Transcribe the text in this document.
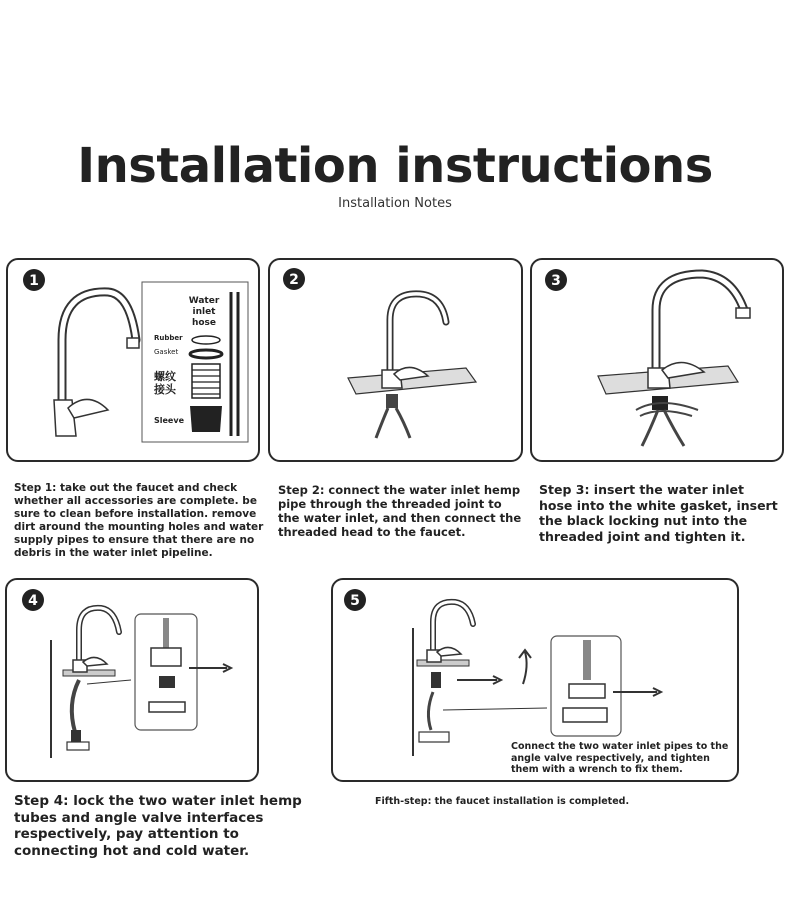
Installation instructions
Installation Notes
1
Water inlet hose
Rubber
Gasket
螺纹 接头
Sleeve
2	3
Step 1: take out the faucet and check whether all accessories are complete. be sure to clean before installation. remove dirt around the mounting holes and water supply pipes to ensure that there are no debris in the water inlet pipeline.
Step 2: connect the water inlet hemp pipe through the threaded joint to the water inlet, and then connect the threaded head to the faucet.
Step 3: insert the water inlet hose into the white gasket, insert the black locking nut into the threaded joint and tighten it.
4	5
Connect the two water inlet pipes to the angle valve respectively, and tighten them with a wrench to fix them.
Step 4: lock the two water inlet hemp tubes and angle valve interfaces respectively, pay attention to connecting hot and cold water.
Fifth-step: the faucet installation is completed.
